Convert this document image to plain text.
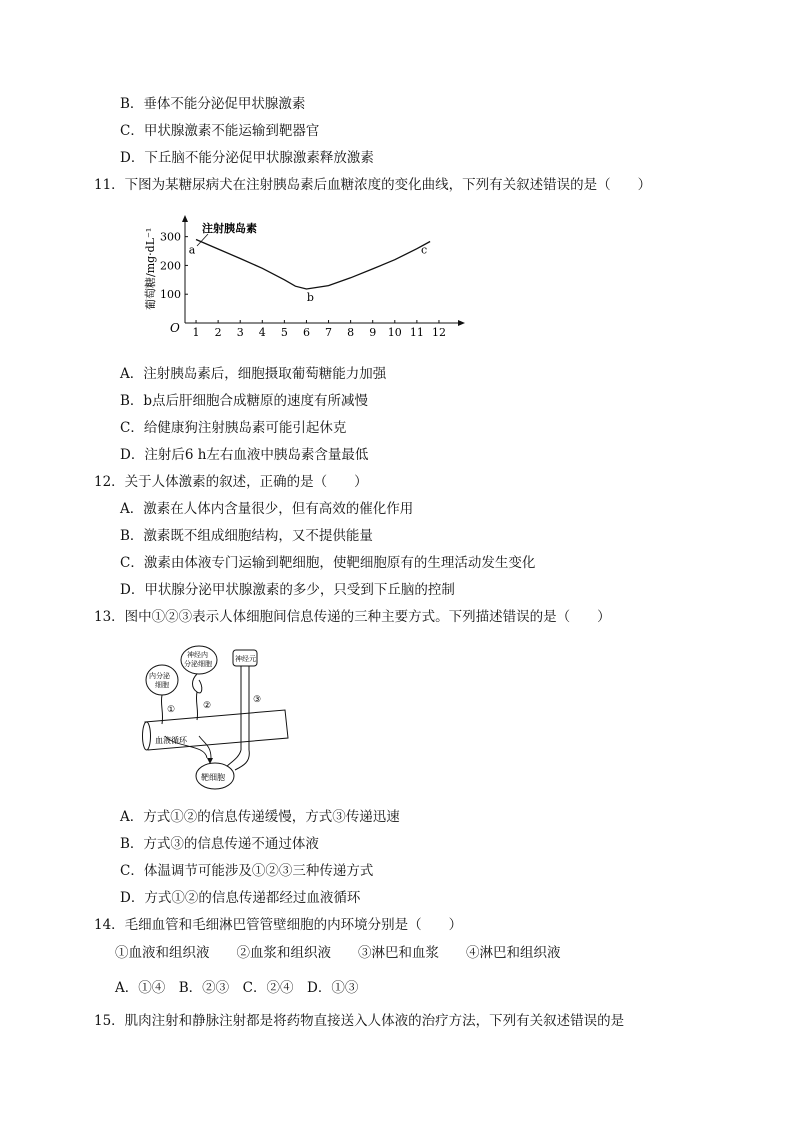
B．垂体不能分泌促甲状腺激素
C．甲状腺激素不能运输到靶器官
D．下丘脑不能分泌促甲状腺激素释放激素
11．下图为某糖尿病犬在注射胰岛素后血糖浓度的变化曲线，下列有关叙述错误的是（　　）
O
葡萄糖/mg·dL⁻¹	注射胰岛素
1 2 3 4 5 6 7 8 9 10 11 12
100
200
300
a
b
c
A．注射胰岛素后，细胞摄取葡萄糖能力加强
B．b点后肝细胞合成糖原的速度有所减慢
C．给健康狗注射胰岛素可能引起休克
D．注射后6 h左右血液中胰岛素含量最低
12．关于人体激素的叙述，正确的是（　　）
A．激素在人体内含量很少，但有高效的催化作用
B．激素既不组成细胞结构，又不提供能量
C．激素由体液专门运输到靶细胞，使靶细胞原有的生理活动发生变化
D．甲状腺分泌甲状腺激素的多少，只受到下丘脑的控制
13．图中①②③表示人体细胞间信息传递的三种主要方式。下列描述错误的是（　　）
血液循环
内分泌
细胞
①
神经内
分泌细胞
②
神经元
③
靶细胞
A．方式①②的信息传递缓慢，方式③传递迅速
B．方式③的信息传递不通过体液
C．体温调节可能涉及①②③三种传递方式
D．方式①②的信息传递都经过血液循环
14．毛细血管和毛细淋巴管管壁细胞的内环境分别是（　　）
①血液和组织液　　②血浆和组织液　　③淋巴和血浆　　④淋巴和组织液
A．①④　B．②③　C．②④　D．①③
15．肌肉注射和静脉注射都是将药物直接送入人体液的治疗方法，下列有关叙述错误的是
